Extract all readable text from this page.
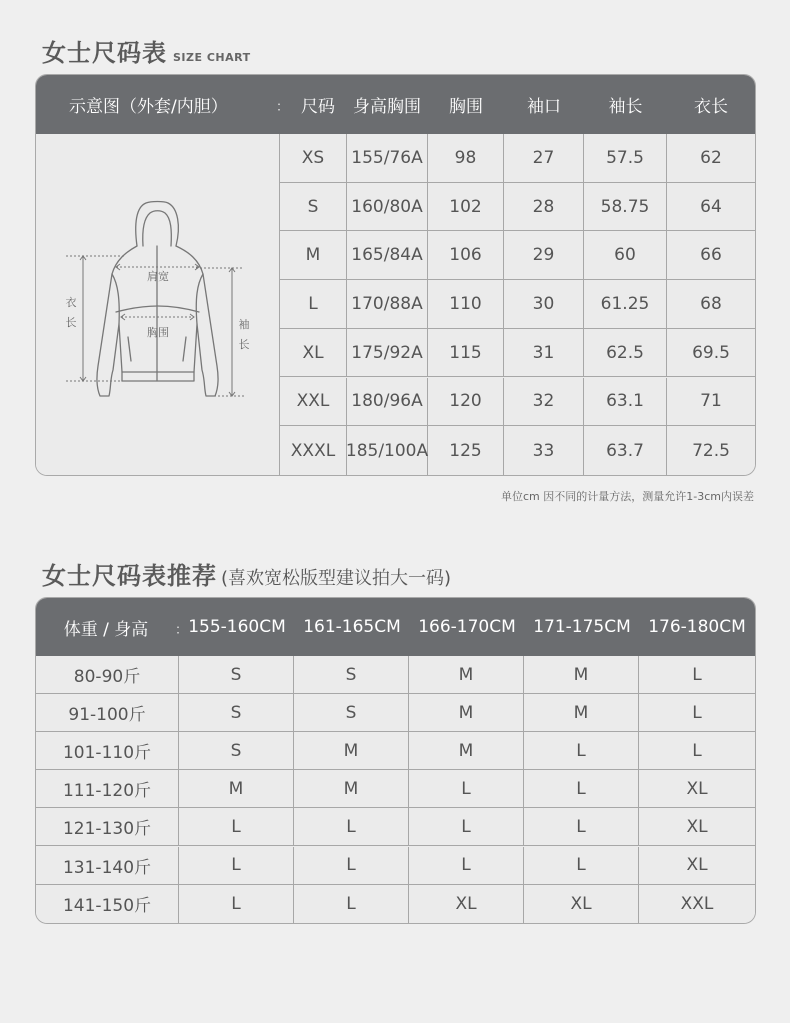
女士尺码表 SIZE CHART
示意图（外套/内胆）	： 尺码	身高胸围	胸围	袖口	袖长	衣长
肩宽
胸围
衣
长	袖
长
XS	155/76A	98	27	57.5	62
S	160/80A	102	28	58.75	64
M	165/84A	106	29	60	66
L	170/88A	110	30	61.25	68
XL	175/92A	115	31	62.5	69.5
XXL	180/96A	120	32	63.1	71
XXXL 185/100A	125	33	63.7	72.5
单位cm 因不同的计量方法，测量允许1-3cm内误差
女士尺码表推荐 (喜欢宽松版型建议拍大一码)
体重 / 身高	： 155-160CM	161-165CM	166-170CM	171-175CM	176-180CM
80-90斤	S	S	M	M	L
91-100斤	S	S	M	M	L
101-110斤	S	M	M	L	L
111-120斤	M	M	L	L	XL
121-130斤	L	L	L	L	XL
131-140斤	L	L	L	L	XL
141-150斤	L	L	XL	XL	XXL
